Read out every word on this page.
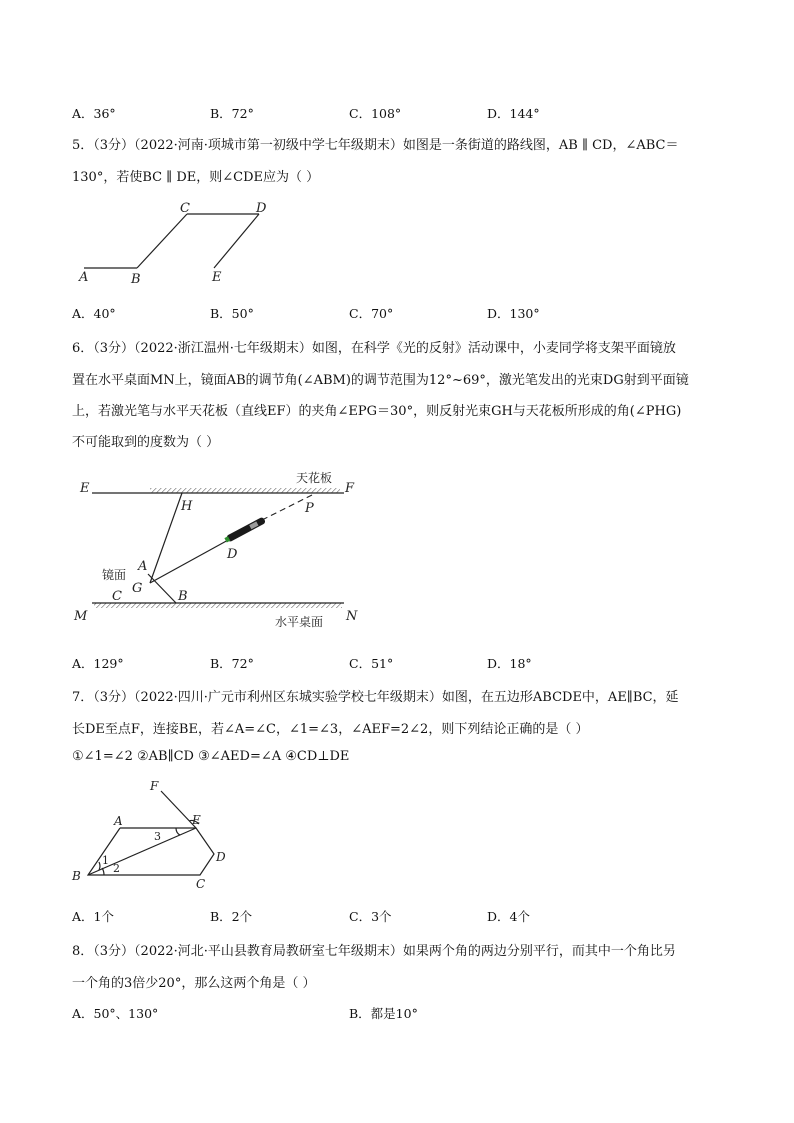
A．36°	B．72°	C．108°	D．144°
5．（3分）（2022·河南·项城市第一初级中学七年级期末）如图是一条街道的路线图，AB ∥ CD，∠ABC＝
130°，若使BC ∥ DE，则∠CDE应为（ ）
C	D
A	B	E
A．40°	B．50°	C．70°	D．130°
6．（3分）（2022·浙江温州·七年级期末）如图，在科学《光的反射》活动课中，小麦同学将支架平面镜放
置在水平桌面MN上，镜面AB的调节角(∠ABM)的调节范围为12°~69°，激光笔发出的光束DG射到平面镜
上，若激光笔与水平天花板（直线EF）的夹角∠EPG＝30°，则反射光束GH与天花板所形成的角(∠PHG)
不可能取到的度数为（ ）
E
天花板
F
H	P
D
A
镜面
G
C	B
M	水平桌面 N
A．129°	B．72°	C．51°	D．18°
7．（3分）（2022·四川·广元市利州区东城实验学校七年级期末）如图，在五边形ABCDE中，AE∥BC，延
长DE至点F，连接BE，若∠A=∠C，∠1=∠3，∠AEF=2∠2，则下列结论正确的是（ ）
①∠1=∠2 ②AB∥CD ③∠AED=∠A ④CD⊥DE
F
A	E
3
D
1
2
B
C
A．1个	B．2个	C．3个	D．4个
8．（3分）（2022·河北·平山县教育局教研室七年级期末）如果两个角的两边分别平行，而其中一个角比另
一个角的3倍少20°，那么这两个角是（ ）
A．50°、130°	B．都是10°
